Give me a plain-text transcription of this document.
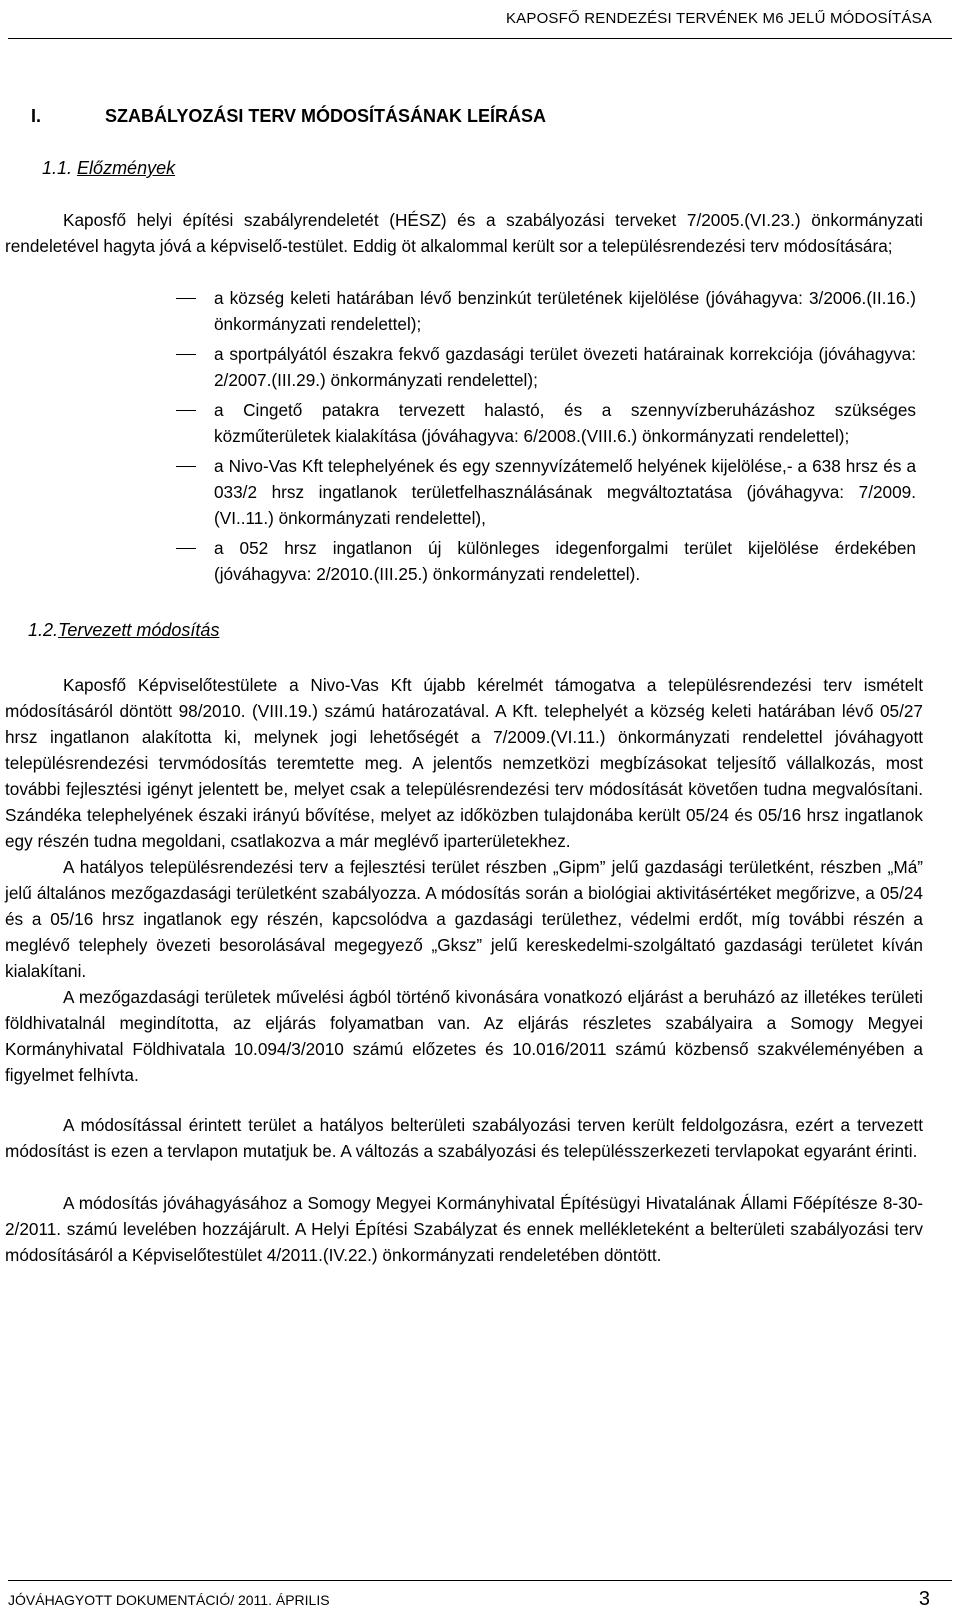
KAPOSFŐ RENDEZÉSI TERVÉNEK M6 JELŰ MÓDOSÍTÁSA
I.	SZABÁLYOZÁSI TERV MÓDOSÍTÁSÁNAK LEÍRÁSA
1.1. Előzmények

Kaposfő helyi építési szabályrendeletét (HÉSZ) és a szabályozási terveket 7/2005.(VI.23.) önkormányzati rendeletével hagyta jóvá a képviselő-testület. Eddig öt alkalommal került sor a településrendezési terv módosítására;

a község keleti határában lévő benzinkút területének kijelölése (jóváhagyva: 3/2006.(II.16.) önkormányzati rendelettel);
a sportpályától északra fekvő gazdasági terület övezeti határainak korrekciója (jóváhagyva: 2/2007.(III.29.) önkormányzati rendelettel);
a Cingető patakra tervezett halastó, és a szennyvízberuházáshoz szükséges közműterületek kialakítása (jóváhagyva: 6/2008.(VIII.6.) önkormányzati rendelettel);
a Nivo-Vas Kft telephelyének és egy szennyvízátemelő helyének kijelölése,- a 638 hrsz és a 033/2 hrsz ingatlanok területfelhasználásának megváltoztatása (jóváhagyva: 7/2009.(VI..11.) önkormányzati rendelettel),
a 052 hrsz ingatlanon új különleges idegenforgalmi terület kijelölése érdekében (jóváhagyva: 2/2010.(III.25.) önkormányzati rendelettel).
1.2.Tervezett módosítás

Kaposfő Képviselőtestülete a Nivo-Vas Kft újabb kérelmét támogatva a településrendezési terv ismételt módosításáról döntött 98/2010. (VIII.19.) számú határozatával. A Kft. telephelyét a község keleti határában lévő 05/27 hrsz ingatlanon alakította ki, melynek jogi lehetőségét a 7/2009.(VI.11.) önkormányzati rendelettel jóváhagyott településrendezési tervmódosítás teremtette meg. A jelentős nemzetközi megbízásokat teljesítő vállalkozás, most további fejlesztési igényt jelentett be, melyet csak a településrendezési terv módosítását követően tudna megvalósítani. Szándéka telephelyének északi irányú bővítése, melyet az időközben tulajdonába került 05/24 és 05/16 hrsz ingatlanok egy részén tudna megoldani, csatlakozva a már meglévő iparterületekhez.

A hatályos településrendezési terv a fejlesztési terület részben „Gipm” jelű gazdasági területként, részben „Má” jelű általános mezőgazdasági területként szabályozza. A módosítás során a biológiai aktivitásértéket megőrizve, a 05/24 és a 05/16 hrsz ingatlanok egy részén, kapcsolódva a gazdasági területhez, védelmi erdőt, míg további részén a meglévő telephely övezeti besorolásával megegyező „Gksz” jelű kereskedelmi-szolgáltató gazdasági területet kíván kialakítani.

A mezőgazdasági területek művelési ágból történő kivonására vonatkozó eljárást a beruházó az illetékes területi földhivatalnál megindította, az eljárás folyamatban van. Az eljárás részletes szabályaira a Somogy Megyei Kormányhivatal Földhivatala 10.094/3/2010 számú előzetes és 10.016/2011 számú közbenső szakvéleményében a figyelmet felhívta.

A módosítással érintett terület a hatályos belterületi szabályozási terven került feldolgozásra, ezért a tervezett módosítást is ezen a tervlapon mutatjuk be. A változás a szabályozási és településszerkezeti tervlapokat egyaránt érinti.

A módosítás jóváhagyásához a Somogy Megyei Kormányhivatal Építésügyi Hivatalának Állami Főépítésze 8-30-2/2011. számú levelében hozzájárult. A Helyi Építési Szabályzat és ennek mellékleteként a belterületi szabályozási terv módosításáról a Képviselőtestület 4/2011.(IV.22.) önkormányzati rendeletében döntött.

JÓVÁHAGYOTT DOKUMENTÁCIÓ/ 2011. ÁPRILIS	3
